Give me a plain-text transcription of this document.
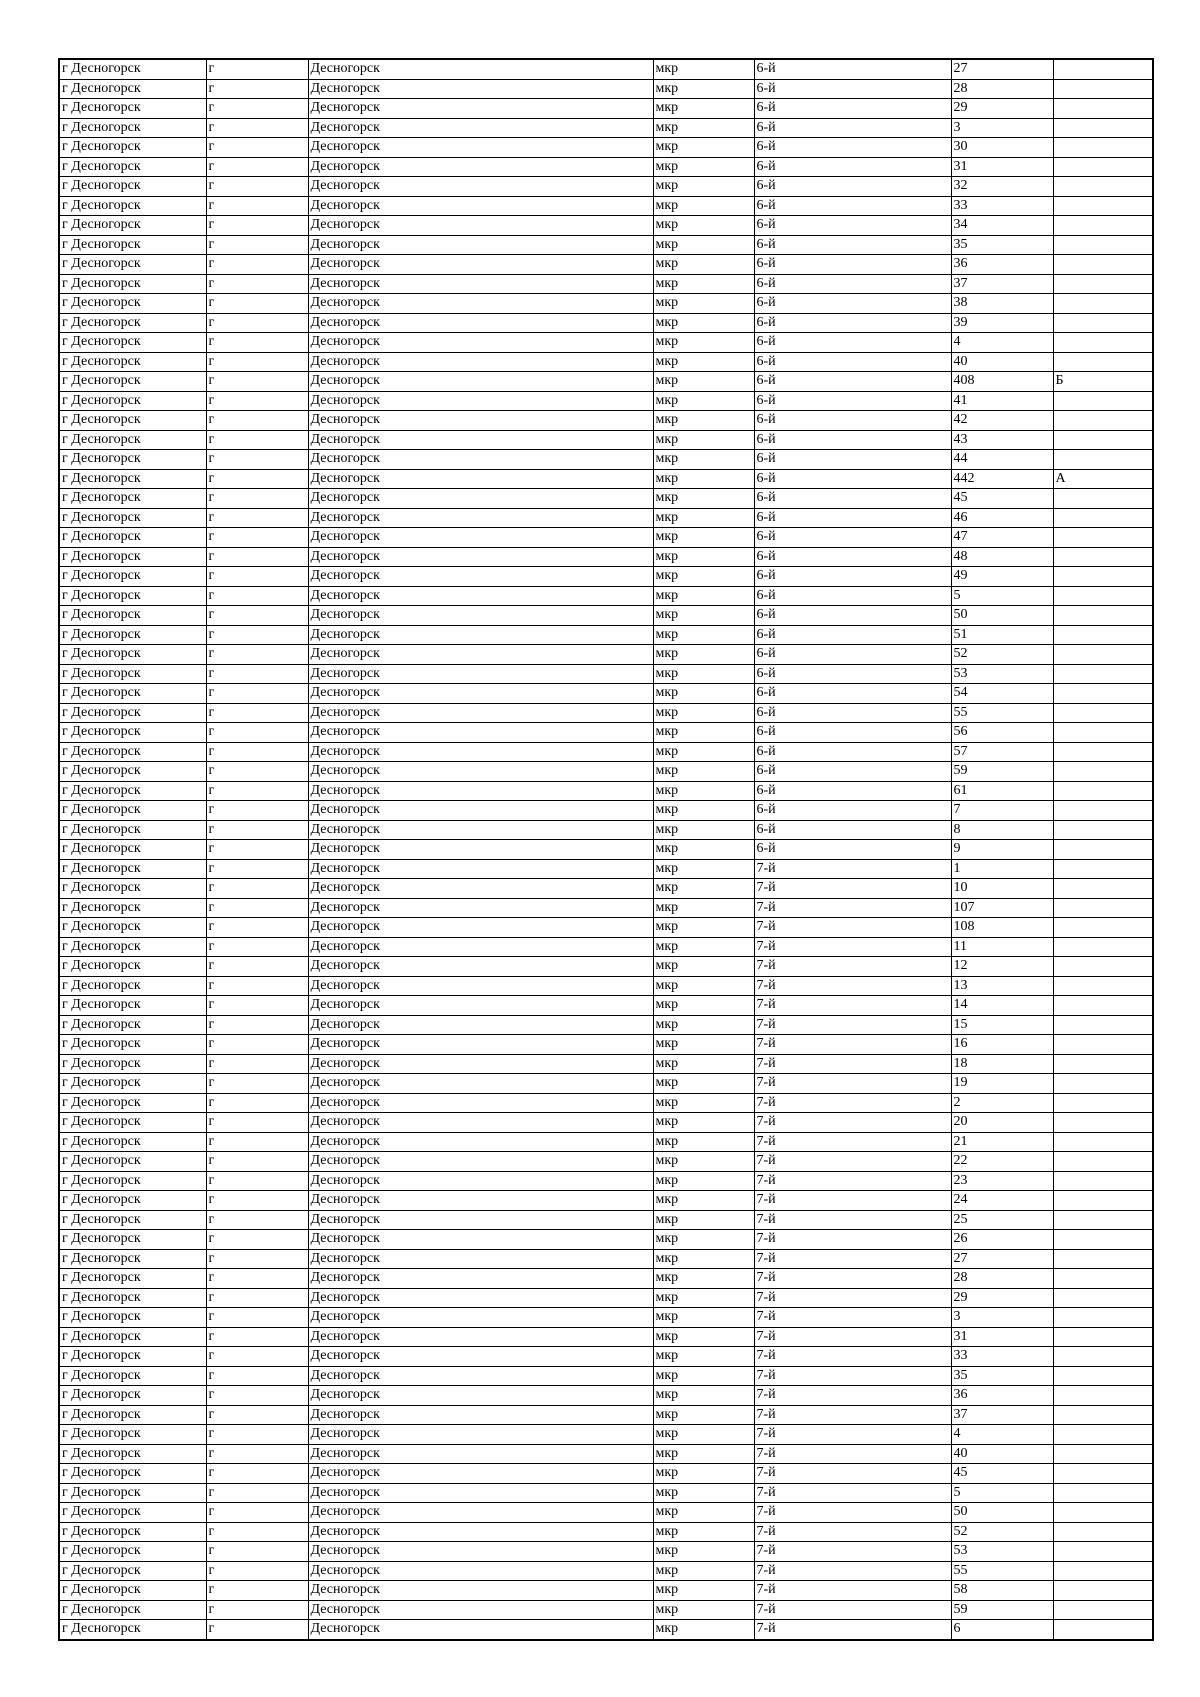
г Десногорск	г	Десногорск	мкр	6-й	27	
г Десногорск	г	Десногорск	мкр	6-й	28	
г Десногорск	г	Десногорск	мкр	6-й	29	
г Десногорск	г	Десногорск	мкр	6-й	3	
г Десногорск	г	Десногорск	мкр	6-й	30	
г Десногорск	г	Десногорск	мкр	6-й	31	
г Десногорск	г	Десногорск	мкр	6-й	32	
г Десногорск	г	Десногорск	мкр	6-й	33	
г Десногорск	г	Десногорск	мкр	6-й	34	
г Десногорск	г	Десногорск	мкр	6-й	35	
г Десногорск	г	Десногорск	мкр	6-й	36	
г Десногорск	г	Десногорск	мкр	6-й	37	
г Десногорск	г	Десногорск	мкр	6-й	38	
г Десногорск	г	Десногорск	мкр	6-й	39	
г Десногорск	г	Десногорск	мкр	6-й	4	
г Десногорск	г	Десногорск	мкр	6-й	40	
г Десногорск	г	Десногорск	мкр	6-й	408	Б
г Десногорск	г	Десногорск	мкр	6-й	41	
г Десногорск	г	Десногорск	мкр	6-й	42	
г Десногорск	г	Десногорск	мкр	6-й	43	
г Десногорск	г	Десногорск	мкр	6-й	44	
г Десногорск	г	Десногорск	мкр	6-й	442	А
г Десногорск	г	Десногорск	мкр	6-й	45	
г Десногорск	г	Десногорск	мкр	6-й	46	
г Десногорск	г	Десногорск	мкр	6-й	47	
г Десногорск	г	Десногорск	мкр	6-й	48	
г Десногорск	г	Десногорск	мкр	6-й	49	
г Десногорск	г	Десногорск	мкр	6-й	5	
г Десногорск	г	Десногорск	мкр	6-й	50	
г Десногорск	г	Десногорск	мкр	6-й	51	
г Десногорск	г	Десногорск	мкр	6-й	52	
г Десногорск	г	Десногорск	мкр	6-й	53	
г Десногорск	г	Десногорск	мкр	6-й	54	
г Десногорск	г	Десногорск	мкр	6-й	55	
г Десногорск	г	Десногорск	мкр	6-й	56	
г Десногорск	г	Десногорск	мкр	6-й	57	
г Десногорск	г	Десногорск	мкр	6-й	59	
г Десногорск	г	Десногорск	мкр	6-й	61	
г Десногорск	г	Десногорск	мкр	6-й	7	
г Десногорск	г	Десногорск	мкр	6-й	8	
г Десногорск	г	Десногорск	мкр	6-й	9	
г Десногорск	г	Десногорск	мкр	7-й	1	
г Десногорск	г	Десногорск	мкр	7-й	10	
г Десногорск	г	Десногорск	мкр	7-й	107	
г Десногорск	г	Десногорск	мкр	7-й	108	
г Десногорск	г	Десногорск	мкр	7-й	11	
г Десногорск	г	Десногорск	мкр	7-й	12	
г Десногорск	г	Десногорск	мкр	7-й	13	
г Десногорск	г	Десногорск	мкр	7-й	14	
г Десногорск	г	Десногорск	мкр	7-й	15	
г Десногорск	г	Десногорск	мкр	7-й	16	
г Десногорск	г	Десногорск	мкр	7-й	18	
г Десногорск	г	Десногорск	мкр	7-й	19	
г Десногорск	г	Десногорск	мкр	7-й	2	
г Десногорск	г	Десногорск	мкр	7-й	20	
г Десногорск	г	Десногорск	мкр	7-й	21	
г Десногорск	г	Десногорск	мкр	7-й	22	
г Десногорск	г	Десногорск	мкр	7-й	23	
г Десногорск	г	Десногорск	мкр	7-й	24	
г Десногорск	г	Десногорск	мкр	7-й	25	
г Десногорск	г	Десногорск	мкр	7-й	26	
г Десногорск	г	Десногорск	мкр	7-й	27	
г Десногорск	г	Десногорск	мкр	7-й	28	
г Десногорск	г	Десногорск	мкр	7-й	29	
г Десногорск	г	Десногорск	мкр	7-й	3	
г Десногорск	г	Десногорск	мкр	7-й	31	
г Десногорск	г	Десногорск	мкр	7-й	33	
г Десногорск	г	Десногорск	мкр	7-й	35	
г Десногорск	г	Десногорск	мкр	7-й	36	
г Десногорск	г	Десногорск	мкр	7-й	37	
г Десногорск	г	Десногорск	мкр	7-й	4	
г Десногорск	г	Десногорск	мкр	7-й	40	
г Десногорск	г	Десногорск	мкр	7-й	45	
г Десногорск	г	Десногорск	мкр	7-й	5	
г Десногорск	г	Десногорск	мкр	7-й	50	
г Десногорск	г	Десногорск	мкр	7-й	52	
г Десногорск	г	Десногорск	мкр	7-й	53	
г Десногорск	г	Десногорск	мкр	7-й	55	
г Десногорск	г	Десногорск	мкр	7-й	58	
г Десногорск	г	Десногорск	мкр	7-й	59	
г Десногорск	г	Десногорск	мкр	7-й	6	
